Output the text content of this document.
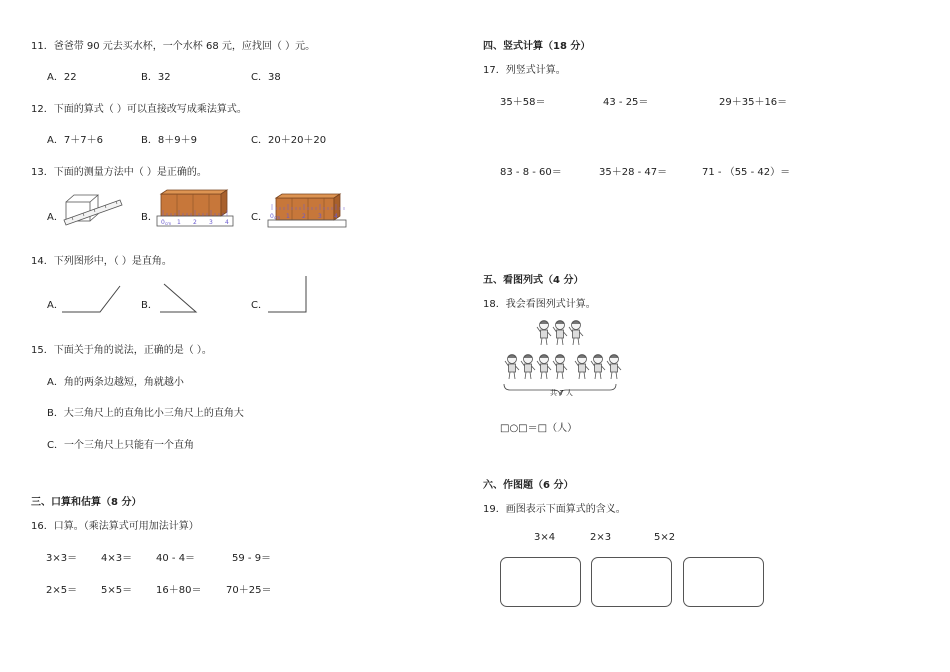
11．爸爸带 90 元去买水杯，一个水杯 68 元，应找回（ ）元。
A．22	B．32	C．38
12．下面的算式（ ）可以直接改写成乘法算式。
A．7＋7＋6	B．8＋9＋9	C．20＋20＋20
13．下面的测量方法中（ ）是正确的。
A．	B．	C．
0 cm 1 2 3 4
0 cm 1 2 3 4
14．下列图形中，（ ）是直角。
A．	B．	C．
15．下面关于角的说法，正确的是（ ）。
A．角的两条边越短，角就越小
B．大三角尺上的直角比小三角尺上的直角大
C．一个三角尺上只能有一个直角
三、口算和估算（8 分）
16．口算。（乘法算式可用加法计算）
3×3＝ 4×3＝ 40 - 4＝	59 - 9＝
2×5＝ 5×5＝ 16＋80＝ 70＋25＝
四、竖式计算（18 分）
17．列竖式计算。
35＋58＝	43 - 25＝	29＋35＋16＝
83 - 8 - 60＝	35＋28 - 47＝	71 - （55 - 42）＝
五、看图列式（4 分）
18．我会看图列式计算。
共 7 人
□○□＝□（人）
六、作图题（6 分）
19．画图表示下面算式的含义。
3×4	2×3	5×2
